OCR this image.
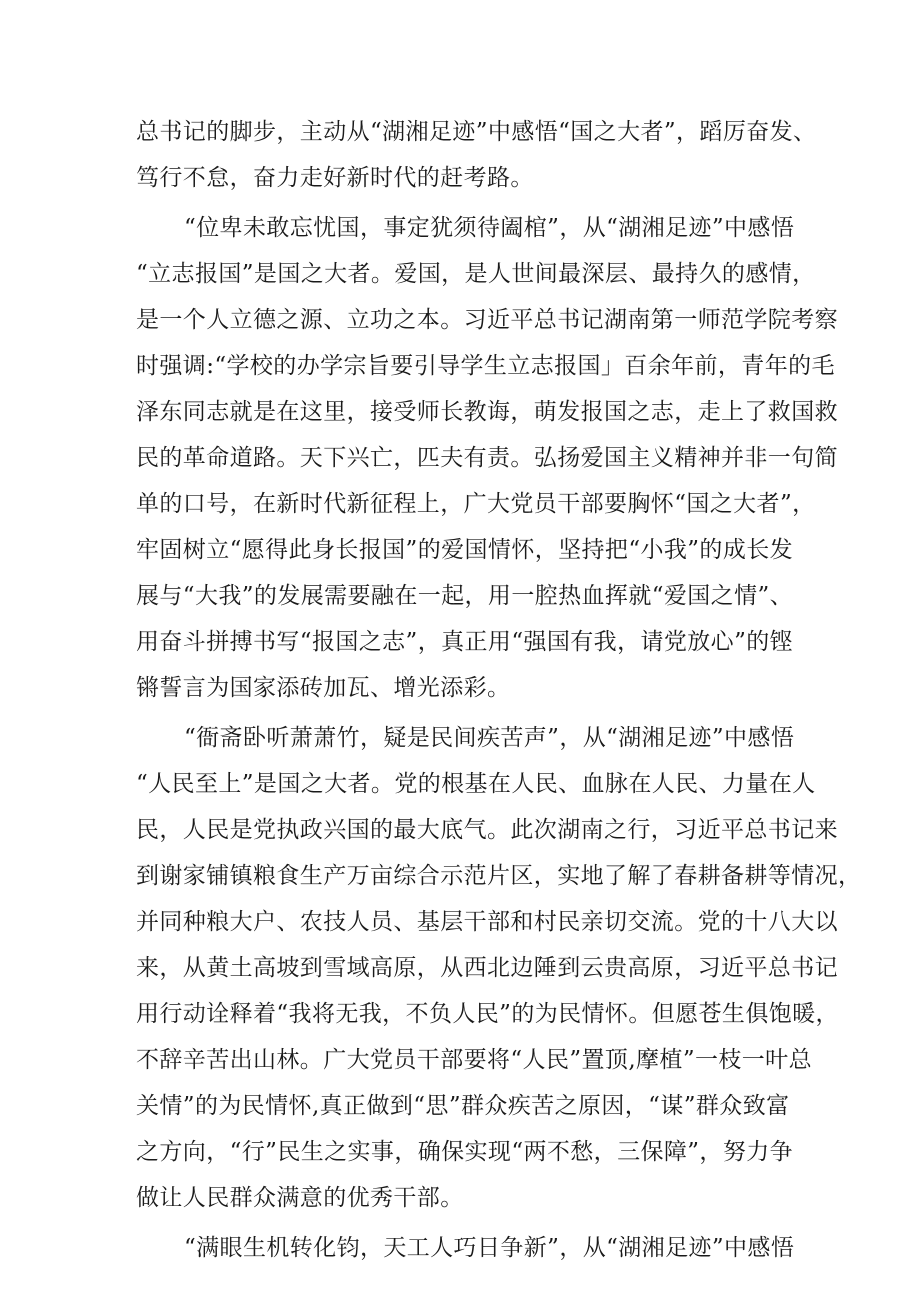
总书记的脚步，主动从“湖湘足迹”中感悟“国之大者”，蹈厉奋发、
笃行不怠，奋力走好新时代的赶考路。
“位卑未敢忘忧国，事定犹须待阖棺”，从“湖湘足迹”中感悟
“立志报国”是国之大者。爱国，是人世间最深层、最持久的感情，
是一个人立德之源、立功之本。习近平总书记湖南第一师范学院考察
时强调:“学校的办学宗旨要引导学生立志报国」百余年前，青年的毛
泽东同志就是在这里，接受师长教诲，萌发报国之志，走上了救国救
民的革命道路。天下兴亡，匹夫有责。弘扬爱国主义精神并非一句简
单的口号，在新时代新征程上，广大党员干部要胸怀“国之大者”，
牢固树立“愿得此身长报国”的爱国情怀，坚持把“小我”的成长发
展与“大我”的发展需要融在一起，用一腔热血挥就“爱国之情”、
用奋斗拼搏书写“报国之志”，真正用“强国有我，请党放心”的铿
锵誓言为国家添砖加瓦、增光添彩。
“衙斋卧听萧萧竹，疑是民间疾苦声”，从“湖湘足迹”中感悟
“人民至上”是国之大者。党的根基在人民、血脉在人民、力量在人
民，人民是党执政兴国的最大底气。此次湖南之行，习近平总书记来
到谢家铺镇粮食生产万亩综合示范片区，实地了解了春耕备耕等情况，
并同种粮大户、农技人员、基层干部和村民亲切交流。党的十八大以
来，从黄土高坡到雪域高原，从西北边陲到云贵高原，习近平总书记
用行动诠释着“我将无我，不负人民”的为民情怀。但愿苍生俱饱暖，
不辞辛苦出山林。广大党员干部要将“人民”置顶,摩植”一枝一叶总
关情”的为民情怀,真正做到“思”群众疾苦之原因，“谋”群众致富
之方向，“行”民生之实事，确保实现“两不愁，三保障”，努力争
做让人民群众满意的优秀干部。
“满眼生机转化钧，天工人巧日争新”，从“湖湘足迹”中感悟
